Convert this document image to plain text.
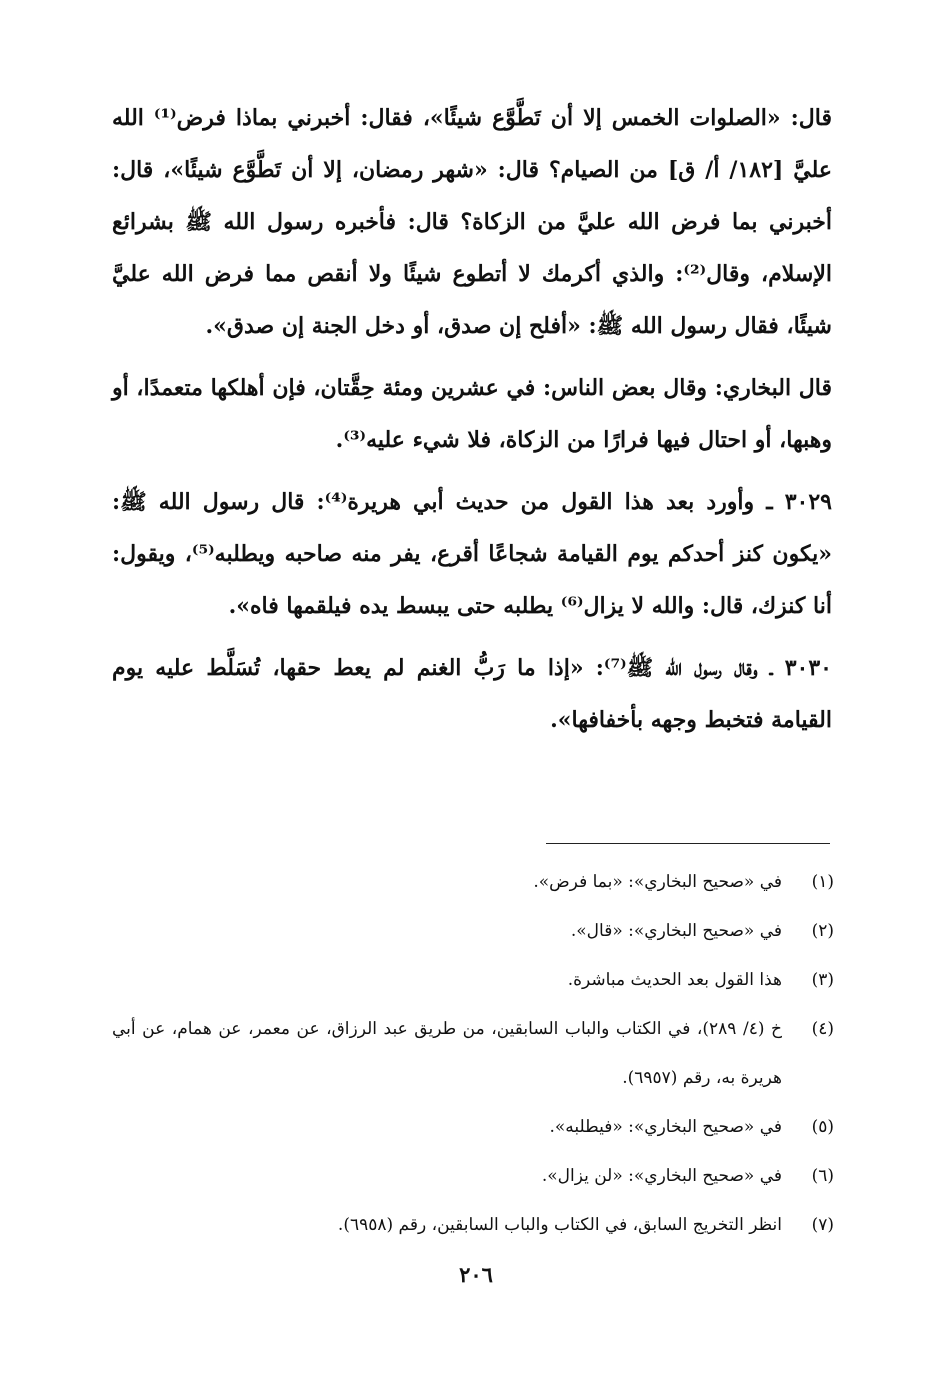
قال: «الصلوات الخمس إلا أن تَطَّوَّع شيئًا»، فقال: أخبرني بماذا فرض⁽¹⁾ الله عليَّ [١٨٢/ أ/ ق] من الصيام؟ قال: «شهر رمضان، إلا أن تَطَّوَّع شيئًا»، قال: أخبرني بما فرض الله عليَّ من الزكاة؟ قال: فأخبره رسول الله ﷺ بشرائع الإسلام، وقال⁽²⁾: والذي أكرمك لا أتطوع شيئًا ولا أنقص مما فرض الله عليَّ شيئًا، فقال رسول الله ﷺ: «أفلح إن صدق، أو دخل الجنة إن صدق».

قال البخاري: وقال بعض الناس: في عشرين ومئة حِقَّتان، فإن أهلكها متعمدًا، أو وهبها، أو احتال فيها فرارًا من الزكاة، فلا شيء عليه⁽³⁾.

٣٠٢٩ ـ وأورد بعد هذا القول من حديث أبي هريرة⁽⁴⁾: قال رسول الله ﷺ: «يكون كنز أحدكم يوم القيامة شجاعًا أقرع، يفر منه صاحبه ويطلبه⁽⁵⁾، ويقول: أنا كنزك، قال: والله لا يزال⁽⁶⁾ يطلبه حتى يبسط يده فيلقمها فاه».

٣٠٣٠ ـ وقال رسول الله ﷺ⁽⁷⁾: «إذا ما رَبُّ الغنم لم يعط حقها، تُسَلَّط عليه يوم القيامة فتخبط وجهه بأخفافها».

(١)
في «صحيح البخاري»: «بما فرض».
(٢)
في «صحيح البخاري»: «قال».
(٣)
هذا القول بعد الحديث مباشرة.
(٤)
خ (٤/ ٢٨٩)، في الكتاب والباب السابقين، من طريق عبد الرزاق، عن معمر، عن همام، عن أبي هريرة به، رقم (٦٩٥٧).
(٥)
في «صحيح البخاري»: «فيطلبه».
(٦)
في «صحيح البخاري»: «لن يزال».
(٧)
انظر التخريج السابق، في الكتاب والباب السابقين، رقم (٦٩٥٨).
٢٠٦
